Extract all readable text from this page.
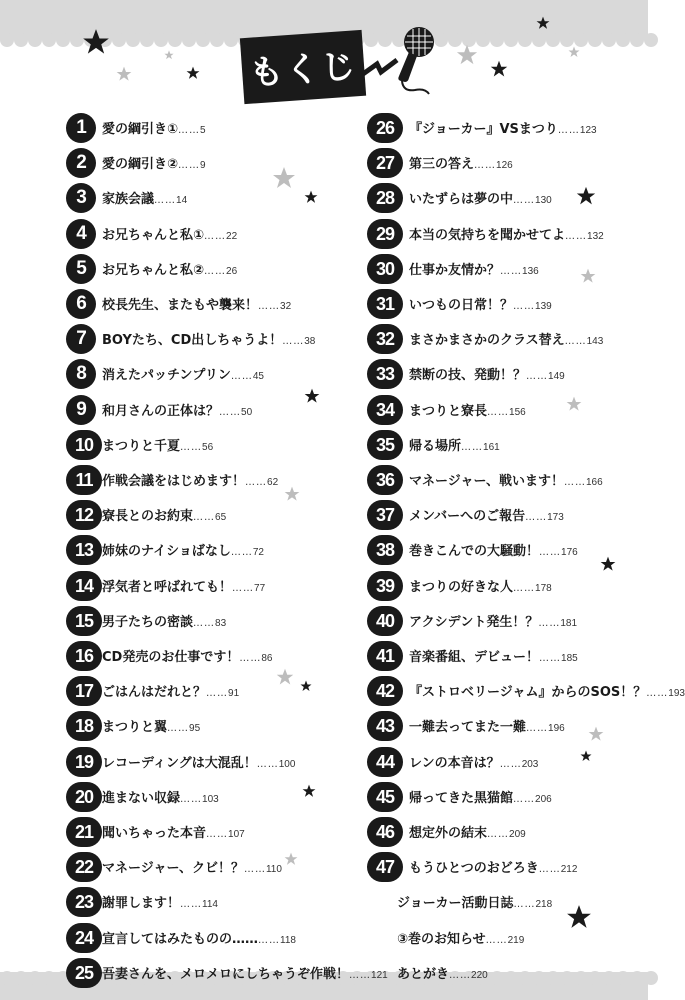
もくじ
1	愛の綱引き①……5
2	愛の綱引き②……9
3	家族会議……14
4	お兄ちゃんと私①……22
5	お兄ちゃんと私②……26
6	校長先生、またもや襲来！……32
7	BOYたち、CD出しちゃうよ！……38
8	消えたパッチンプリン……45
9	和月さんの正体は？……50
10 まつりと千夏……56
11 作戦会議をはじめます！……62
12 寮長とのお約束……65
13 姉妹のナイショばなし……72
14 浮気者と呼ばれても！……77
15 男子たちの密談……83
16 CD発売のお仕事です！……86
17 ごはんはだれと？……91
18 まつりと翼……95
19 レコーディングは大混乱！……100
20 進まない収録……103
21 聞いちゃった本音……107
22 マネージャー、クビ！？……110
23 謝罪します！……114
24 宣言してはみたものの…………118
25 吾妻さんを、メロメロにしちゃうぞ作戦！……121
26	『ジョーカー』VSまつり……123
27	第三の答え……126
28	いたずらは夢の中……130
29	本当の気持ちを聞かせてよ……132
30	仕事か友情か？……136
31	いつもの日常！？……139
32	まさかまさかのクラス替え……143
33	禁断の技、発動！？……149
34	まつりと寮長……156
35	帰る場所……161
36	マネージャー、戦います！……166
37	メンバーへのご報告……173
38	巻きこんでの大騒動！……176
39	まつりの好きな人……178
40	アクシデント発生！？……181
41	音楽番組、デビュー！……185
42	『ストロベリージャム』からのSOS！？……193
43	一難去ってまた一難……196
44	レンの本音は？……203
45	帰ってきた黒猫館……206
46	想定外の結末……209
47	もうひとつのおどろき……212
ジョーカー活動日誌……218
③巻のお知らせ……219
あとがき……220
